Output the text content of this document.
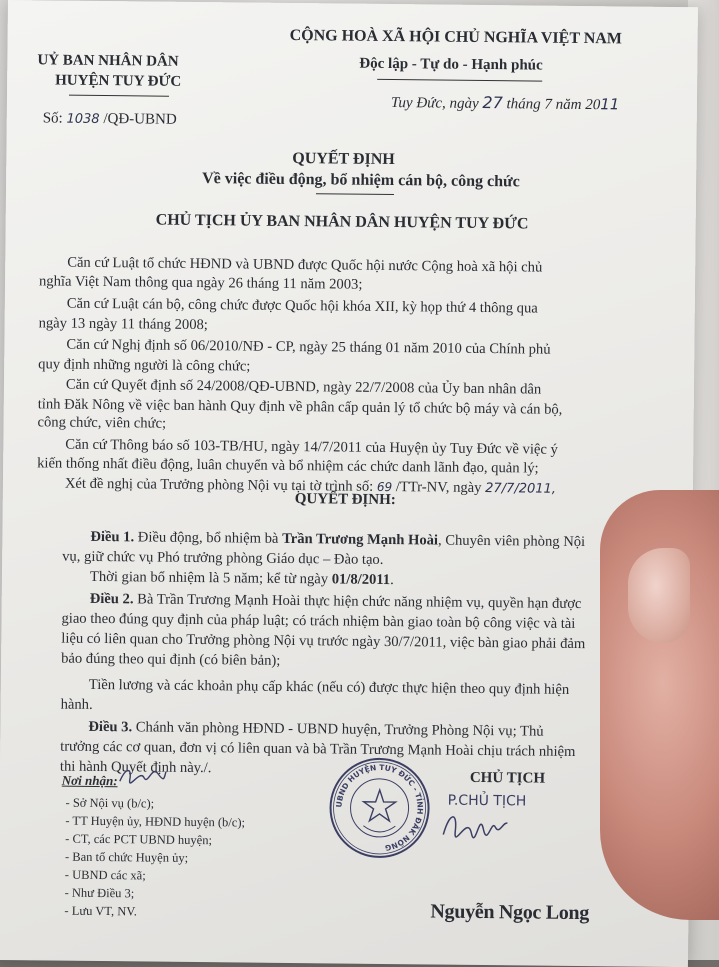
UỶ BAN NHÂN DÂN
HUYỆN TUY ĐỨC
Số: 1038 /QĐ-UBND
CỘNG HOÀ XÃ HỘI CHỦ NGHĨA VIỆT NAM
Độc lập - Tự do - Hạnh phúc
Tuy Đức, ngày 27 tháng 7 năm 2011
QUYẾT ĐỊNH
Về việc điều động, bổ nhiệm cán bộ, công chức
CHỦ TỊCH ỦY BAN NHÂN DÂN HUYỆN TUY ĐỨC
Căn cứ Luật tổ chức HĐND và UBND được Quốc hội nước Cộng hoà xã hội chủ
nghĩa Việt Nam thông qua ngày 26 tháng 11 năm 2003;
Căn cứ Luật cán bộ, công chức được Quốc hội khóa XII, kỳ họp thứ 4 thông qua
ngày 13 ngày 11 tháng 2008;
Căn cứ Nghị định số 06/2010/NĐ - CP, ngày 25 tháng 01 năm 2010 của Chính phủ
quy định những người là công chức;
Căn cứ Quyết định số 24/2008/QĐ-UBND, ngày 22/7/2008 của Ủy ban nhân dân
tỉnh Đăk Nông về việc ban hành Quy định về phân cấp quản lý tổ chức bộ máy và cán bộ,
công chức, viên chức;
Căn cứ Thông báo số 103-TB/HU, ngày 14/7/2011 của Huyện ủy Tuy Đức về việc ý
kiến thống nhất điều động, luân chuyển và bổ nhiệm các chức danh lãnh đạo, quản lý;
Xét đề nghị của Trưởng phòng Nội vụ tại tờ trình số: 69 /TTr-NV, ngày 27/7/2011,
QUYẾT ĐỊNH:
Điều 1. Điều động, bổ nhiệm bà Trần Trương Mạnh Hoài, Chuyên viên phòng Nội
vụ, giữ chức vụ Phó trưởng phòng Giáo dục – Đào tạo.
Thời gian bổ nhiệm là 5 năm; kể từ ngày 01/8/2011.
Điều 2. Bà Trần Trương Mạnh Hoài thực hiện chức năng nhiệm vụ, quyền hạn được
giao theo đúng quy định của pháp luật; có trách nhiệm bàn giao toàn bộ công việc và tài
liệu có liên quan cho Trưởng phòng Nội vụ trước ngày 30/7/2011, việc bàn giao phải đảm
bảo đúng theo qui định (có biên bản);
Tiền lương và các khoản phụ cấp khác (nếu có) được thực hiện theo quy định hiện
hành.
Điều 3. Chánh văn phòng HĐND - UBND huyện, Trưởng Phòng Nội vụ; Thủ
trưởng các cơ quan, đơn vị có liên quan và bà Trần Trương Mạnh Hoài chịu trách nhiệm
thi hành Quyết định này./.
Nơi nhận:
- Sở Nội vụ (b/c);
- TT Huyện ủy, HĐND huyện (b/c);
- CT, các PCT UBND huyện;
- Ban tổ chức Huyện ủy;
- UBND các xã;
- Như Điều 3;
- Lưu VT, NV.
CHỦ TỊCH
UBND HUYỆN TUY ĐỨC - TỈNH ĐĂK NÔNG
P.CHỦ TỊCH
Nguyễn Ngọc Long
